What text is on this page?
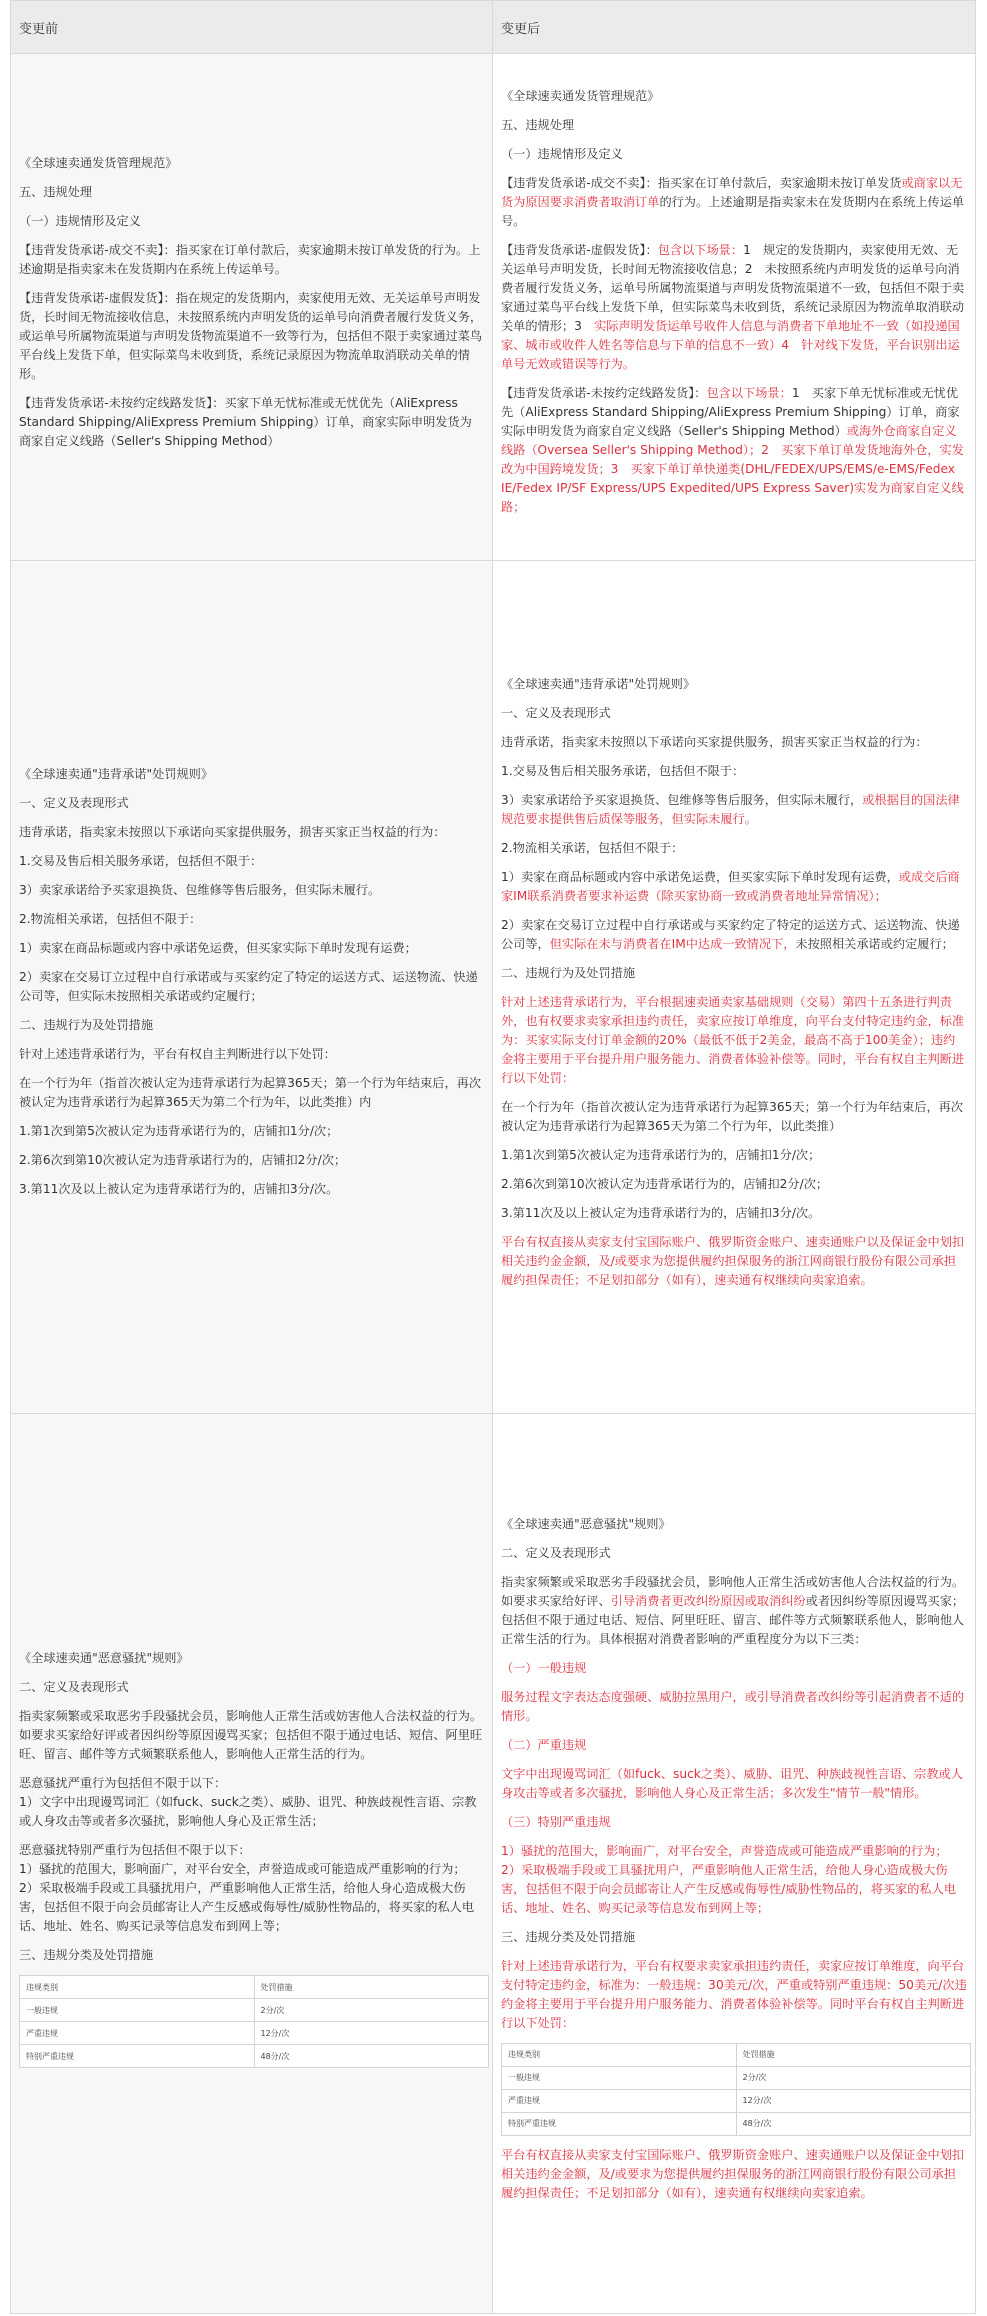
变更前	变更后

《全球速卖通发货管理规范》
五、违规处理
（一）违规情形及定义
【违背发货承诺-成交不卖】：指买家在订单付款后，卖家逾期未按订单发货的行为。上述逾期是指卖家未在发货期内在系统上传运单号。
【违背发货承诺-虚假发货】：指在规定的发货期内，卖家使用无效、无关运单号声明发货，长时间无物流接收信息，未按照系统内声明发货的运单号向消费者履行发货义务，或运单号所属物流渠道与声明发货物流渠道不一致等行为，包括但不限于卖家通过菜鸟平台线上发货下单，但实际菜鸟未收到货，系统记录原因为物流单取消联动关单的情形。
【违背发货承诺-未按约定线路发货】：买家下单无忧标准或无忧优先（AliExpress Standard Shipping/AliExpress Premium Shipping）订单，商家实际申明发货为商家自定义线路（Seller's Shipping Method）

《全球速卖通发货管理规范》
五、违规处理
（一）违规情形及定义
【违背发货承诺-成交不卖】：指买家在订单付款后，卖家逾期未按订单发货或商家以无货为原因要求消费者取消订单的行为。上述逾期是指卖家未在发货期内在系统上传运单号。
【违背发货承诺-虚假发货】：包含以下场景：1　规定的发货期内，卖家使用无效、无关运单号声明发货，长时间无物流接收信息；2　未按照系统内声明发货的运单号向消费者履行发货义务，运单号所属物流渠道与声明发货物流渠道不一致，包括但不限于卖家通过菜鸟平台线上发货下单，但实际菜鸟未收到货，系统记录原因为物流单取消联动关单的情形；3　实际声明发货运单号收件人信息与消费者下单地址不一致（如投递国家、城市或收件人姓名等信息与下单的信息不一致）4　针对线下发货，平台识别出运单号无效或错误等行为。
【违背发货承诺-未按约定线路发货】：包含以下场景：1　买家下单无忧标准或无忧优先（AliExpress Standard Shipping/AliExpress Premium Shipping）订单，商家实际申明发货为商家自定义线路（Seller's Shipping Method）或海外仓商家自定义线路（Oversea Seller's Shipping Method）；2　买家下单订单发货地海外仓，实发改为中国跨境发货；3　买家下单订单快递类(DHL/FEDEX/UPS/EMS/e-EMS/Fedex IE/Fedex IP/SF Express/UPS Expedited/UPS Express Saver)实发为商家自定义线路；

《全球速卖通"违背承诺"处罚规则》
一、定义及表现形式
违背承诺，指卖家未按照以下承诺向买家提供服务，损害买家正当权益的行为：
1.交易及售后相关服务承诺，包括但不限于：
3）卖家承诺给予买家退换货、包维修等售后服务，但实际未履行。
2.物流相关承诺，包括但不限于：
1）卖家在商品标题或内容中承诺免运费，但买家实际下单时发现有运费；
2）卖家在交易订立过程中自行承诺或与买家约定了特定的运送方式、运送物流、快递公司等，但实际未按照相关承诺或约定履行；
二、违规行为及处罚措施
针对上述违背承诺行为，平台有权自主判断进行以下处罚：
在一个行为年（指首次被认定为违背承诺行为起算365天；第一个行为年结束后，再次被认定为违背承诺行为起算365天为第二个行为年，以此类推）内
1.第1次到第5次被认定为违背承诺行为的，店铺扣1分/次；
2.第6次到第10次被认定为违背承诺行为的，店铺扣2分/次；
3.第11次及以上被认定为违背承诺行为的，店铺扣3分/次。

《全球速卖通"违背承诺"处罚规则》
一、定义及表现形式
违背承诺，指卖家未按照以下承诺向买家提供服务，损害买家正当权益的行为：
1.交易及售后相关服务承诺，包括但不限于：
3）卖家承诺给予买家退换货、包维修等售后服务，但实际未履行，或根据目的国法律规范要求提供售后质保等服务，但实际未履行。
2.物流相关承诺，包括但不限于：
1）卖家在商品标题或内容中承诺免运费，但买家实际下单时发现有运费，或成交后商家IM联系消费者要求补运费（除买家协商一致或消费者地址异常情况）；
2）卖家在交易订立过程中自行承诺或与买家约定了特定的运送方式、运送物流、快递公司等，但实际在未与消费者在IM中达成一致情况下，未按照相关承诺或约定履行；
二、违规行为及处罚措施
针对上述违背承诺行为，平台根据速卖通卖家基础规则（交易）第四十五条进行判责外，也有权要求卖家承担违约责任，卖家应按订单维度，向平台支付特定违约金，标准为：买家实际支付订单金额的20%（最低不低于2美金，最高不高于100美金）；违约金将主要用于平台提升用户服务能力、消费者体验补偿等。同时，平台有权自主判断进行以下处罚：
在一个行为年（指首次被认定为违背承诺行为起算365天；第一个行为年结束后，再次被认定为违背承诺行为起算365天为第二个行为年，以此类推）
1.第1次到第5次被认定为违背承诺行为的，店铺扣1分/次；
2.第6次到第10次被认定为违背承诺行为的，店铺扣2分/次；
3.第11次及以上被认定为违背承诺行为的，店铺扣3分/次。
平台有权直接从卖家支付宝国际账户、俄罗斯资金账户、速卖通账户以及保证金中划扣相关违约金金额，及/或要求为您提供履约担保服务的浙江网商银行股份有限公司承担履约担保责任；不足划扣部分（如有），速卖通有权继续向卖家追索。

《全球速卖通"恶意骚扰"规则》
二、定义及表现形式
指卖家频繁或采取恶劣手段骚扰会员，影响他人正常生活或妨害他人合法权益的行为。如要求买家给好评或者因纠纷等原因谩骂买家；包括但不限于通过电话、短信、阿里旺旺、留言、邮件等方式频繁联系他人，影响他人正常生活的行为。
恶意骚扰严重行为包括但不限于以下：
1）文字中出现谩骂词汇（如fuck、suck之类）、威胁、诅咒、种族歧视性言语、宗教或人身攻击等或者多次骚扰，影响他人身心及正常生活；
恶意骚扰特别严重行为包括但不限于以下：
1）骚扰的范围大，影响面广，对平台安全，声誉造成或可能造成严重影响的行为；
2）采取极端手段或工具骚扰用户，严重影响他人正常生活，给他人身心造成极大伤害，包括但不限于向会员邮寄让人产生反感或侮辱性/威胁性物品的，将买家的私人电话、地址、姓名、购买记录等信息发布到网上等；
三、违规分类及处罚措施
违规类别	处罚措施
一般违规	2分/次
严重违规	12分/次
特别严重违规	48分/次

《全球速卖通"恶意骚扰"规则》
二、定义及表现形式
指卖家频繁或采取恶劣手段骚扰会员，影响他人正常生活或妨害他人合法权益的行为。如要求买家给好评、引导消费者更改纠纷原因或取消纠纷或者因纠纷等原因谩骂买家；包括但不限于通过电话、短信、阿里旺旺、留言、邮件等方式频繁联系他人，影响他人正常生活的行为。具体根据对消费者影响的严重程度分为以下三类：
（一）一般违规
服务过程文字表达态度强硬、威胁拉黑用户，或引导消费者改纠纷等引起消费者不适的情形。
（二）严重违规
文字中出现谩骂词汇（如fuck、suck之类）、威胁、诅咒、种族歧视性言语、宗教或人身攻击等或者多次骚扰，影响他人身心及正常生活；多次发生"情节一般"情形。
（三）特别严重违规
1）骚扰的范围大，影响面广，对平台安全，声誉造成或可能造成严重影响的行为；
2）采取极端手段或工具骚扰用户，严重影响他人正常生活，给他人身心造成极大伤害，包括但不限于向会员邮寄让人产生反感或侮辱性/威胁性物品的，将买家的私人电话、地址、姓名、购买记录等信息发布到网上等；
三、违规分类及处罚措施
针对上述违背承诺行为，平台有权要求卖家承担违约责任，卖家应按订单维度，向平台支付特定违约金，标准为：一般违规：30美元/次，严重或特别严重违规：50美元/次违约金将主要用于平台提升用户服务能力、消费者体验补偿等。同时平台有权自主判断进行以下处罚：
违规类别	处罚措施
一般违规	2分/次
严重违规	12分/次
特别严重违规	48分/次
平台有权直接从卖家支付宝国际账户、俄罗斯资金账户、速卖通账户以及保证金中划扣相关违约金金额，及/或要求为您提供履约担保服务的浙江网商银行股份有限公司承担履约担保责任；不足划扣部分（如有），速卖通有权继续向卖家追索。
